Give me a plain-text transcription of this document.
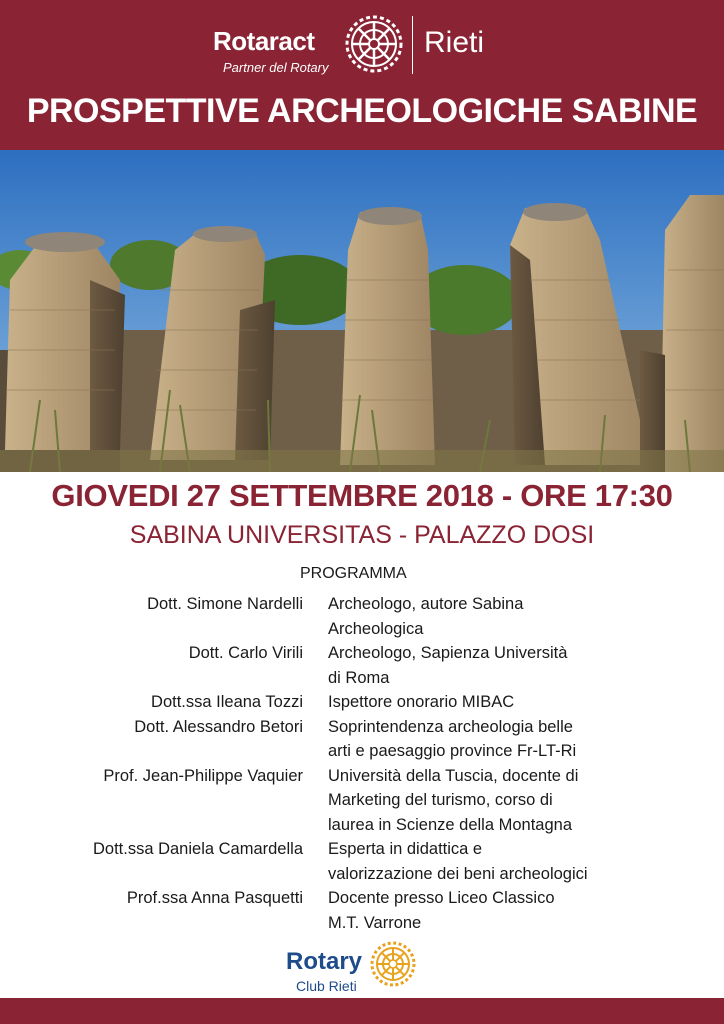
Rotaract
Partner del Rotary
Rieti
PROSPETTIVE ARCHEOLOGICHE SABINE
GIOVEDI 27 SETTEMBRE 2018 - ORE 17:30
SABINA UNIVERSITAS - PALAZZO DOSI
PROGRAMMA
Dott. Simone Nardelli	Archeologo, autore Sabina
Archeologica
Dott. Carlo Virili	Archeologo, Sapienza Università
di Roma
Dott.ssa Ileana Tozzi	Ispettore onorario MIBAC
Dott. Alessandro Betori	Soprintendenza archeologia belle
arti e paesaggio province Fr-LT-Ri
Prof. Jean-Philippe Vaquier	Università della Tuscia, docente di
Marketing del turismo, corso di
laurea in Scienze della Montagna
Dott.ssa Daniela Camardella	Esperta in didattica e
valorizzazione dei beni archeologici
Prof.ssa Anna Pasquetti	Docente presso Liceo Classico
M.T. Varrone
Rotary
Club Rieti
